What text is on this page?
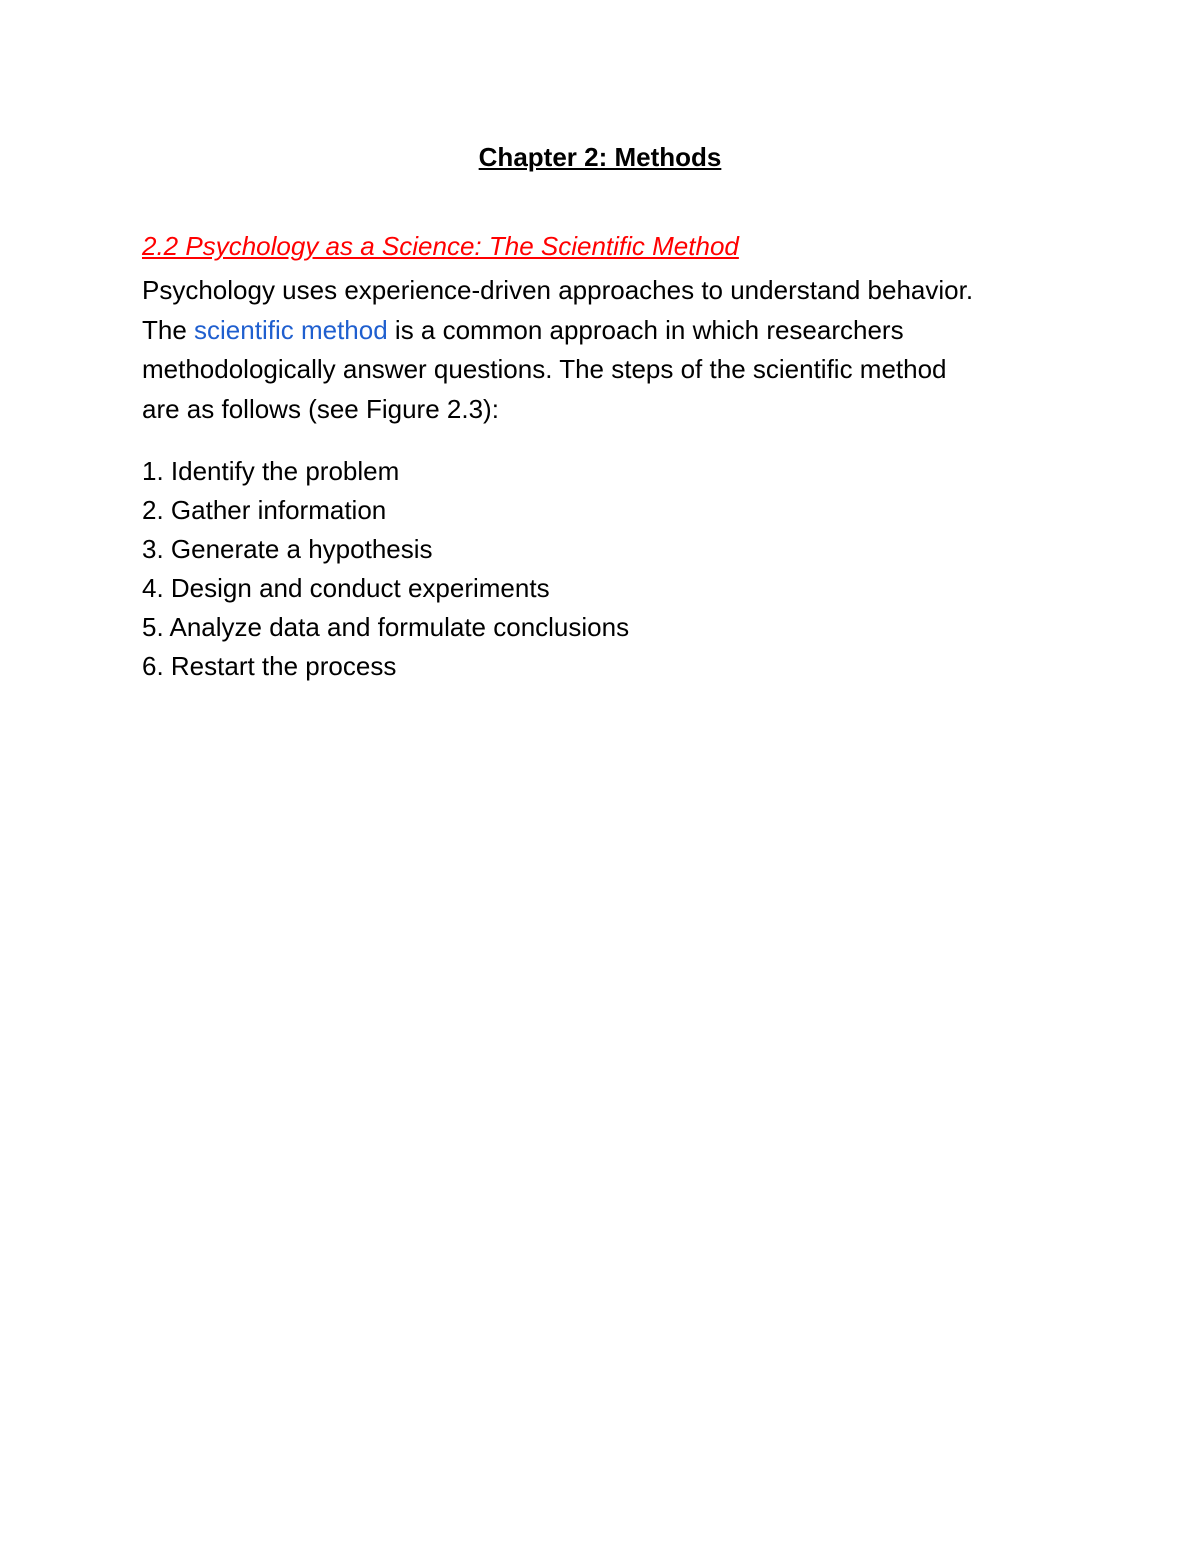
Chapter 2: Methods
2.2 Psychology as a Science: The Scientific Method

Psychology uses experience-driven approaches to understand behavior.
The scientific method is a common approach in which researchers
methodologically answer questions. The steps of the scientific method
are as follows (see Figure 2.3):

1. Identify the problem
2. Gather information
3. Generate a hypothesis
4. Design and conduct experiments
5. Analyze data and formulate conclusions
6. Restart the process
